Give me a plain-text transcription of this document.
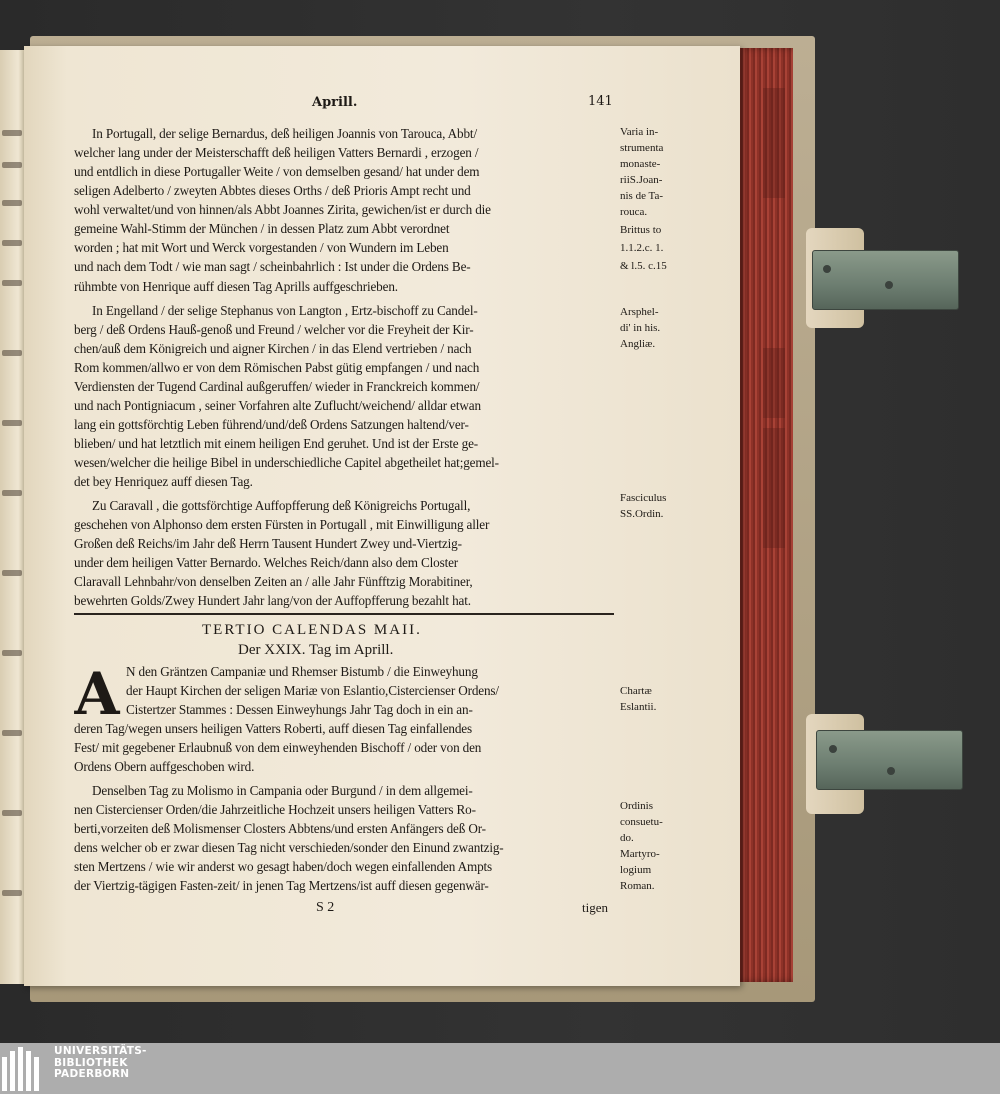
Aprill.	141
In Portugall, der selige Bernardus, deß heiligen Joannis von Tarouca, Abbt/
welcher lang under der Meisterschafft deß heiligen Vatters Bernardi , erzogen /
und entdlich in diese Portugaller Weite / von demselben gesand/ hat under dem
seligen Adelberto / zweyten Abbtes dieses Orths / deß Prioris Ampt recht und
wohl verwaltet/und von hinnen/als Abbt Joannes Zirita, gewichen/ist er durch die
gemeine Wahl-Stimm der München / in dessen Platz zum Abbt verordnet
worden ; hat mit Wort und Werck vorgestanden / von Wundern im Leben
und nach dem Todt / wie man sagt / scheinbahrlich : Ist under die Ordens Be-
rühmbte von Henrique auff diesen Tag Aprills auffgeschrieben.
In Engelland / der selige Stephanus von Langton , Ertz-bischoff zu Candel-
berg / deß Ordens Hauß-genoß und Freund / welcher vor die Freyheit der Kir-
chen/auß dem Königreich und aigner Kirchen / in das Elend vertrieben / nach
Rom kommen/allwo er von dem Römischen Pabst gütig empfangen / und nach
Verdiensten der Tugend Cardinal außgeruffen/ wieder in Franckreich kommen/
und nach Pontigniacum , seiner Vorfahren alte Zuflucht/weichend/ alldar etwan
lang ein gottsförchtig Leben führend/und/deß Ordens Satzungen haltend/ver-
blieben/ und hat letztlich mit einem heiligen End geruhet. Und ist der Erste ge-
wesen/welcher die heilige Bibel in underschiedliche Capitel abgetheilet hat;gemel-
det bey Henriquez auff diesen Tag.
Zu Caravall , die gottsförchtige Auffopfferung deß Königreichs Portugall,
geschehen von Alphonso dem ersten Fürsten in Portugall , mit Einwilligung aller
Großen deß Reichs/im Jahr deß Herrn Tausent Hundert Zwey und-Viertzig-
under dem heiligen Vatter Bernardo. Welches Reich/dann also dem Closter
Claravall Lehnbahr/von denselben Zeiten an / alle Jahr Fünfftzig Morabitiner,
bewehrten Golds/Zwey Hundert Jahr lang/von der Auffopfferung bezahlt hat.
TERTIO CALENDAS MAII.
Der XXIX. Tag im Aprill.
A N den Gräntzen Campaniæ und Rhemser Bistumb / die Einweyhung
der Haupt Kirchen der seligen Mariæ von Eslantio,Cistercienser Ordens/
Cistertzer Stammes : Dessen Einweyhungs Jahr Tag doch in ein an-
deren Tag/wegen unsers heiligen Vatters Roberti, auff diesen Tag einfallendes
Fest/ mit gegebener Erlaubnuß von dem einweyhenden Bischoff / oder von den
Ordens Obern auffgeschoben wird.
Denselben Tag zu Molismo in Campania oder Burgund / in dem allgemei-
nen Cistercienser Orden/die Jahrzeitliche Hochzeit unsers heiligen Vatters Ro-
berti,vorzeiten deß Molismenser Closters Abbtens/und ersten Anfängers deß Or-
dens welcher ob er zwar diesen Tag nicht verschieden/sonder den Einund zwantzig-
sten Mertzens / wie wir anderst wo gesagt haben/doch wegen einfallenden Ampts
der Viertzig-tägigen Fasten-zeit/ in jenen Tag Mertzens/ist auff diesen gegenwär-
S 2	tigen
Varia in-
strumenta
monaste-
riiS.Joan-
nis de Ta-
rouca.
Brittus to
1.1.2.c. 1.
& l.5. c.15
Arsphel-
di' in his.
Angliæ.
Fasciculus
SS.Ordin.
Chartæ
Eslantii.
Ordinis
consuetu-
do.
Martyro-
logium
Roman.
UNIVERSITÄTS-
BIBLIOTHEK
PADERBORN
